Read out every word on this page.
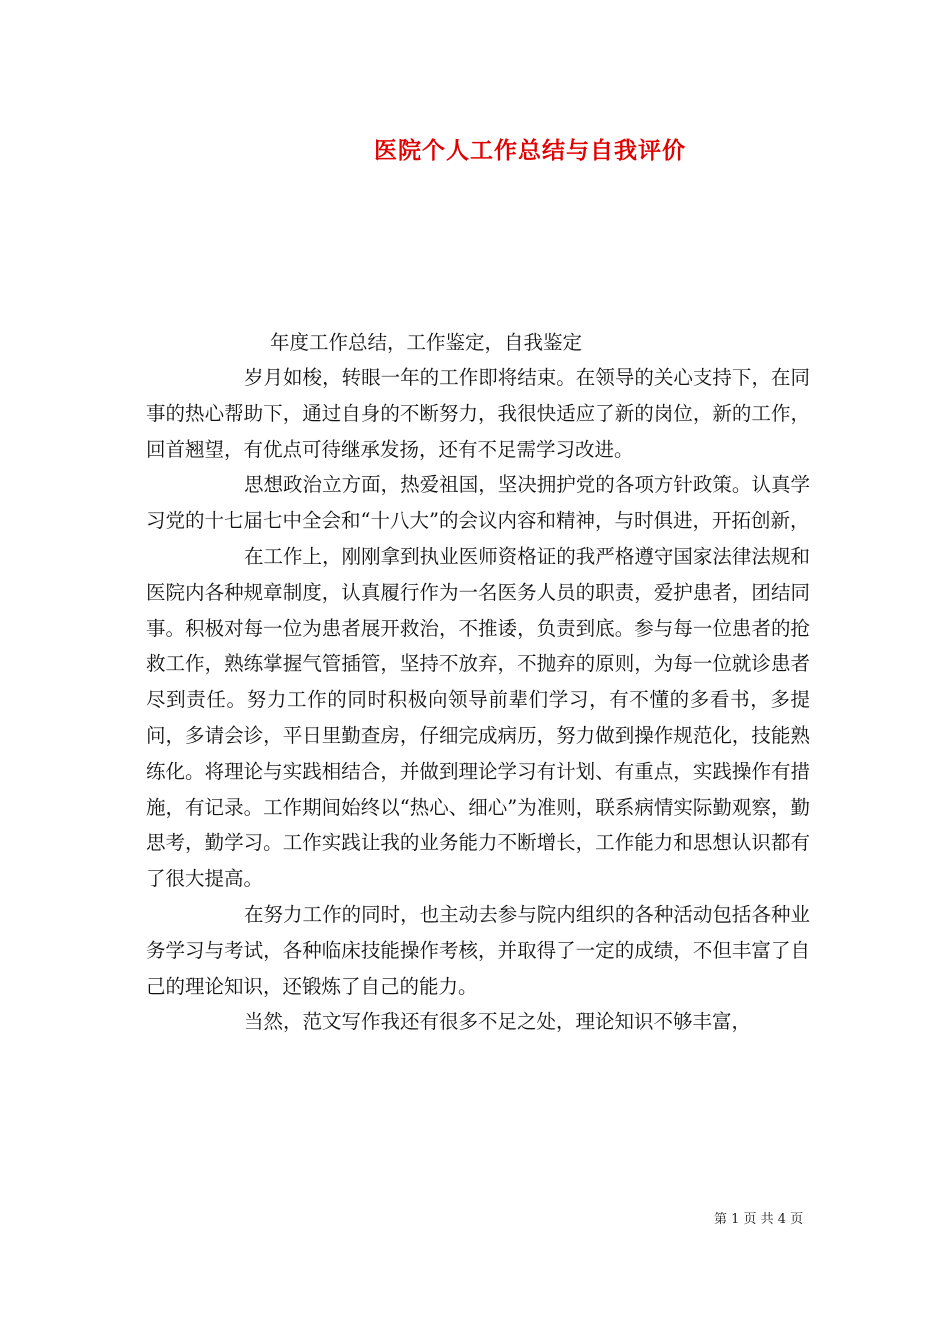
医院个人工作总结与自我评价
年度工作总结，工作鉴定，自我鉴定

岁月如梭，转眼一年的工作即将结束。在领导的关心支持下，在同事的热心帮助下，通过自身的不断努力，我很快适应了新的岗位，新的工作，回首翘望，有优点可待继承发扬，还有不足需学习改进。

思想政治立方面，热爱祖国，坚决拥护党的各项方针政策。认真学习党的十七届七中全会和“十八大”的会议内容和精神，与时俱进，开拓创新，

在工作上，刚刚拿到执业医师资格证的我严格遵守国家法律法规和医院内各种规章制度，认真履行作为一名医务人员的职责，爱护患者，团结同事。积极对每一位为患者展开救治，不推诿，负责到底。参与每一位患者的抢救工作，熟练掌握气管插管，坚持不放弃，不抛弃的原则，为每一位就诊患者尽到责任。努力工作的同时积极向领导前辈们学习，有不懂的多看书，多提问，多请会诊，平日里勤查房，仔细完成病历，努力做到操作规范化，技能熟练化。将理论与实践相结合，并做到理论学习有计划、有重点，实践操作有措施，有记录。工作期间始终以“热心、细心”为准则，联系病情实际勤观察，勤思考，勤学习。工作实践让我的业务能力不断增长，工作能力和思想认识都有了很大提高。

在努力工作的同时，也主动去参与院内组织的各种活动包括各种业务学习与考试，各种临床技能操作考核，并取得了一定的成绩，不但丰富了自己的理论知识，还锻炼了自己的能力。

当然，范文写作我还有很多不足之处，理论知识不够丰富，

第 1 页 共 4 页
